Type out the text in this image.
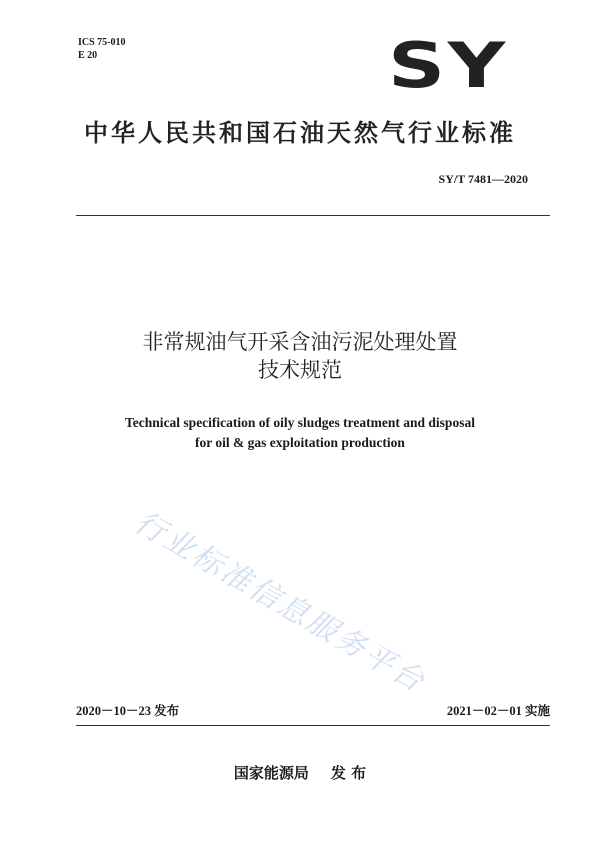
ICS 75-010
E 20	SY
中华人民共和国石油天然气行业标准
SY/T 7481—2020
非常规油气开采含油污泥处理处置
技术规范
Technical specification of oily sludges treatment and disposal
for oil & gas exploitation production
行业标准信息服务平台
2020－10－23 发布	2021－02－01 实施
国家能源局 发 布
